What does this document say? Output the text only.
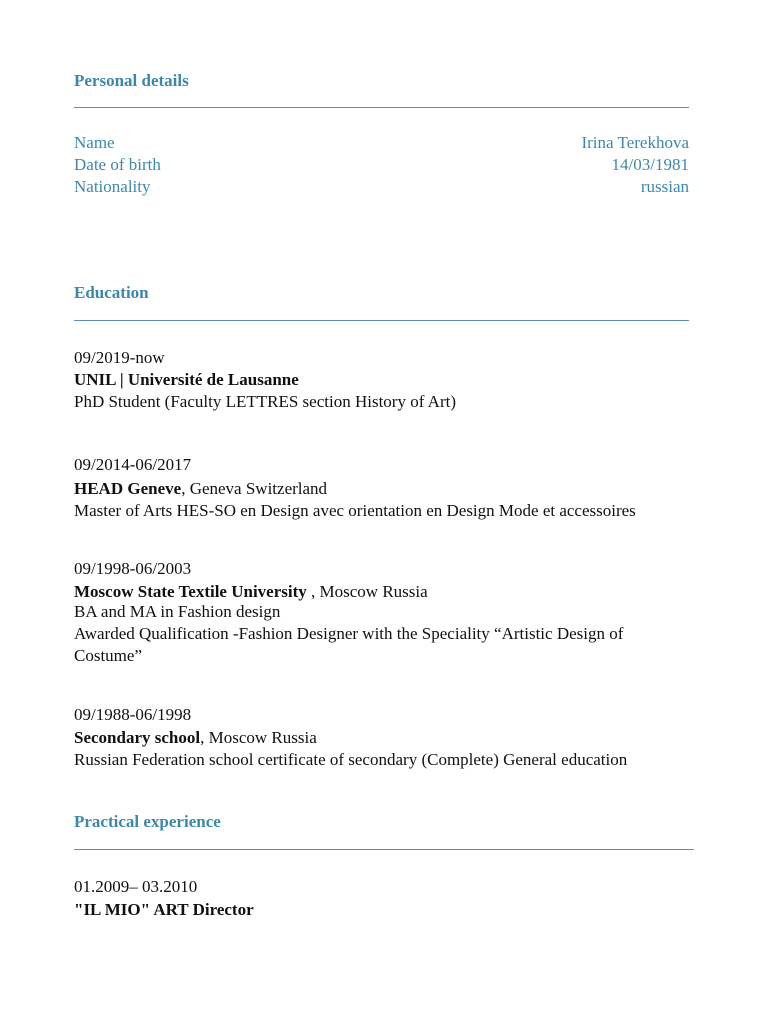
Personal details
Name	Irina Terekhova
Date of birth	14/03/1981
Nationality	russian
Education
09/2019-now
UNIL | Université de Lausanne
PhD Student (Faculty LETTRES section History of Art)
09/2014-06/2017
HEAD Geneve, Geneva Switzerland
Master of Arts HES-SO en Design avec orientation en Design Mode et accessoires
09/1998-06/2003
Moscow State Textile University , Moscow Russia
BA and MA in Fashion design
Awarded Qualification -Fashion Designer with the Speciality “Artistic Design of Costume”
09/1988-06/1998
Secondary school, Moscow Russia
Russian Federation school certificate of secondary (Complete) General education
Practical experience
01.2009– 03.2010
"IL MIO" ART Director
